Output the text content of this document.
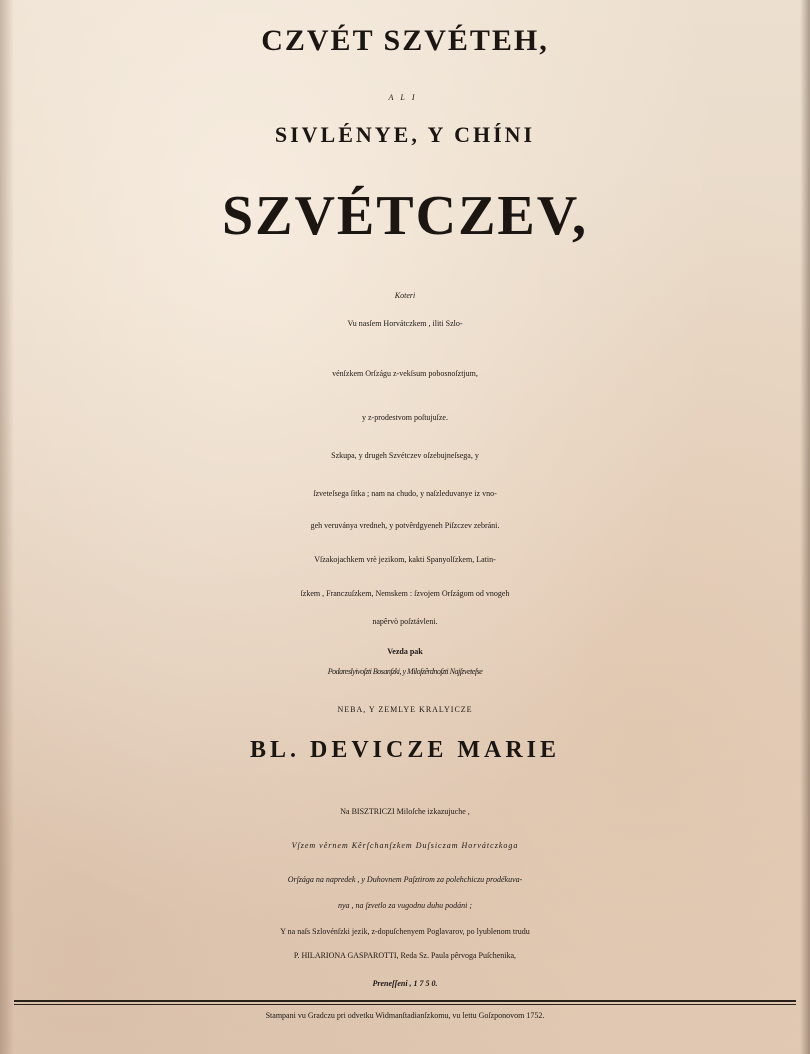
CZVÉT SZVÉTEH,
ALI
SIVLÉNYE, Y CHÍNI
SZVÉTCZEV,
Koteri
Vu nasſem Horvátczkem , iliti Szlo-
vénſzkem Orſzágu z-vekſsum pobosnoſztjum,
y z-prodestvom poſtujuſze.
Szkupa, y drugeh Szvétczev oſzebujneſsega, y
ſzveteſsega ſitka ; nam na chudo, y naſzleduvanye iz vno-
geh veruványa vredneh, y potvêrdgyeneh Piſzczev zebráni.
Vſzakojachkem vrè jezikom, kakti Spanyolſzkem, Latin-
ſzkem , Franczuſzkem, Nemskem : ſzvojem Orſzágom od vnogeh
napêrvò poſztávleni.
Vezda pak
Podareslyivoſzti Bosanſzki, y Miloſzêrdnoſzti Najſzveteſse
NEBA, Y ZEMLYE KRALYICZE
BL. DEVICZE MARIE
Na BISZTRICZI Miloſche izkazujuche ,
Vſzem vêrnem Kêrſchanſzkem Duſsiczam Horvátczkoga
Orſzága na napredek , y Duhovnem Paſztirom za polehchiczu prodékuva-
nya , na ſzvetlo za vugodnu duhu podáni ;
Y na naſs Szlovénſzki jezik, z-dopuſchenyem Poglavarov, po lyublenom trudu
P. HILARIONA GASPAROTTI, Reda Sz. Paula pêrvoga Puſchenika,
Preneſſeni , 1 7 5 0.
Stampani vu Gradczu pri odvetku Widmanſtadianſzkomu, vu lettu Goſzponovom 1752.
